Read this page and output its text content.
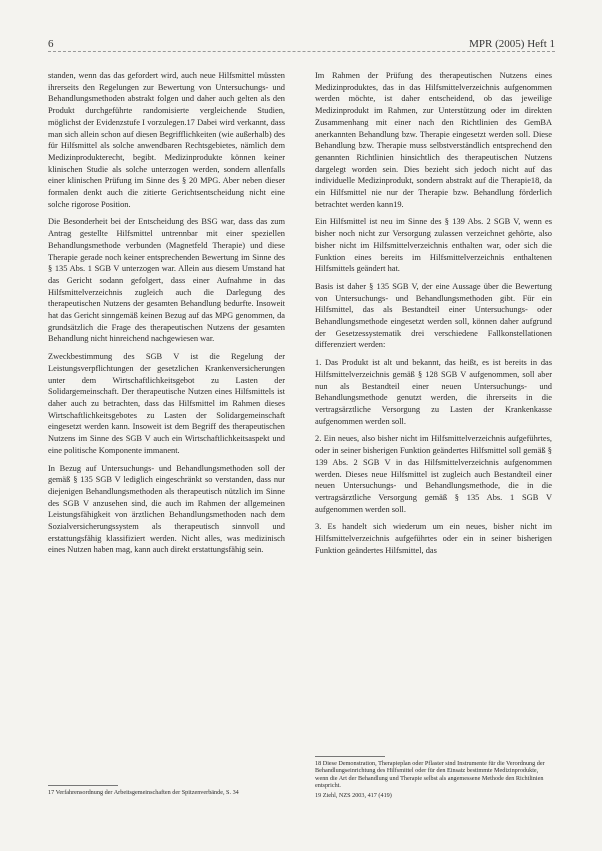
6	MPR (2005) Heft 1

standen, wenn das das gefordert wird, auch neue Hilfsmittel müssten ihrerseits den Regelungen zur Bewertung von Untersuchungs- und Behandlungsmethoden abstrakt folgen und daher auch gelten als den Produkt durchgeführte randomisierte vergleichende Studien, möglichst der Evidenzstufe I vorzulegen.17 Dabei wird verkannt, dass man sich allein schon auf diesen Begrifflichkeiten (wie außerhalb) des für Hilfsmittel als solche anwendbaren Rechtsgebietes, nämlich dem Medizinprodukterecht, begibt. Medizinprodukte können keiner klinischen Studie als solche unterzogen werden, sondern allenfalls einer klinischen Prüfung im Sinne des § 20 MPG. Aber neben dieser formalen denkt auch die zitierte Gerichtsentscheidung nicht eine solche rigorose Position.

Die Besonderheit bei der Entscheidung des BSG war, dass das zum Antrag gestellte Hilfsmittel untrennbar mit einer speziellen Behandlungsmethode verbunden (Magnetfeld Therapie) und diese Therapie gerade noch keiner entsprechenden Bewertung im Sinne des § 135 Abs. 1 SGB V unterzogen war. Allein aus diesem Umstand hat das Gericht sodann gefolgert, dass einer Aufnahme in das Hilfsmittelverzeichnis zugleich auch die Darlegung des therapeutischen Nutzens der gesamten Behandlung bedurfte. Insoweit hat das Gericht sinngemäß keinen Bezug auf das MPG genommen, da grundsätzlich die Frage des therapeutischen Nutzens der gesamten Behandlung nicht hinreichend nachgewiesen war.

Zweckbestimmung des SGB V ist die Regelung der Leistungsverpflichtungen der gesetzlichen Krankenversicherungen unter dem Wirtschaftlichkeitsgebot zu Lasten der Solidargemeinschaft. Der therapeutische Nutzen eines Hilfsmittels ist daher auch zu betrachten, dass das Hilfsmittel im Rahmen dieses Wirtschaftlichkeitsgebotes zu Lasten der Solidargemeinschaft eingesetzt werden kann. Insoweit ist dem Begriff des therapeutischen Nutzens im Sinne des SGB V auch ein Wirtschaftlichkeitsaspekt und eine politische Komponente immanent.

In Bezug auf Untersuchungs- und Behandlungsmethoden soll der gemäß § 135 SGB V lediglich eingeschränkt so verstanden, dass nur diejenigen Behandlungsmethoden als therapeutisch nützlich im Sinne des SGB V anzusehen sind, die auch im Rahmen der allgemeinen Leistungsfähigkeit von ärztlichen Behandlungsmethoden nach dem Sozialversicherungssystem als therapeutisch sinnvoll und erstattungsfähig klassifiziert werden. Nicht alles, was medizinisch eines Nutzen haben mag, kann auch direkt erstattungsfähig sein.

17 Verfahrensordnung der Arbeitsgemeinschaften der Spitzenverbände, S. 34

Im Rahmen der Prüfung des therapeutischen Nutzens eines Medizinproduktes, das in das Hilfsmittelverzeichnis aufgenommen werden möchte, ist daher entscheidend, ob das jeweilige Medizinprodukt im Rahmen, zur Unterstützung oder im direkten Zusammenhang mit einer nach den Richtlinien des GemBA anerkannten Behandlung bzw. Therapie eingesetzt werden soll. Diese Behandlung bzw. Therapie muss selbstverständlich entsprechend den genannten Richtlinien hinsichtlich des therapeutischen Nutzens dargelegt worden sein. Dies bezieht sich jedoch nicht auf das individuelle Medizinprodukt, sondern abstrakt auf die Therapie18, da ein Hilfsmittel nie nur der Therapie bzw. Behandlung förderlich betrachtet werden kann19.

Ein Hilfsmittel ist neu im Sinne des § 139 Abs. 2 SGB V, wenn es bisher noch nicht zur Versorgung zulassen verzeichnet gehörte, also bisher nicht im Hilfsmittelverzeichnis enthalten war, oder sich die Funktion eines bereits im Hilfsmittelverzeichnis enthaltenen Hilfsmittels geändert hat.

Basis ist daher § 135 SGB V, der eine Aussage über die Bewertung von Untersuchungs- und Behandlungsmethoden gibt. Für ein Hilfsmittel, das als Bestandteil einer Untersuchungs- oder Behandlungsmethode eingesetzt werden soll, können daher aufgrund der Gesetzessystematik drei verschiedene Fallkonstellationen differenziert werden:

1. Das Produkt ist alt und bekannt, das heißt, es ist bereits in das Hilfsmittelverzeichnis gemäß § 128 SGB V aufgenommen, soll aber nun als Bestandteil einer neuen Untersuchungs- und Behandlungsmethode genutzt werden, die ihrerseits in die vertragsärztliche Versorgung zu Lasten der Krankenkasse aufgenommen werden soll.

2. Ein neues, also bisher nicht im Hilfsmittelverzeichnis aufgeführtes, oder in seiner bisherigen Funktion geändertes Hilfsmittel soll gemäß § 139 Abs. 2 SGB V in das Hilfsmittelverzeichnis aufgenommen werden. Dieses neue Hilfsmittel ist zugleich auch Bestandteil einer neuen Untersuchungs- und Behandlungsmethode, die in die vertragsärztliche Versorgung gemäß § 135 Abs. 1 SGB V aufgenommen werden soll.

3. Es handelt sich wiederum um ein neues, bisher nicht im Hilfsmittelverzeichnis aufgeführtes oder ein in seiner bisherigen Funktion geändertes Hilfsmittel, das

18 Diese Demonstration, Therapieplan oder Pflaster sind Instrumente für die Verordnung der Behandlungseinrichtung des Hilfsmittel oder für den Einsatz bestimmte Medizinprodukte, wenn die Art der Behandlung und Therapie selbst als angemessene Methode den Richtlinien entspricht.

19 Ziehl, NZS 2003, 417 (419)
